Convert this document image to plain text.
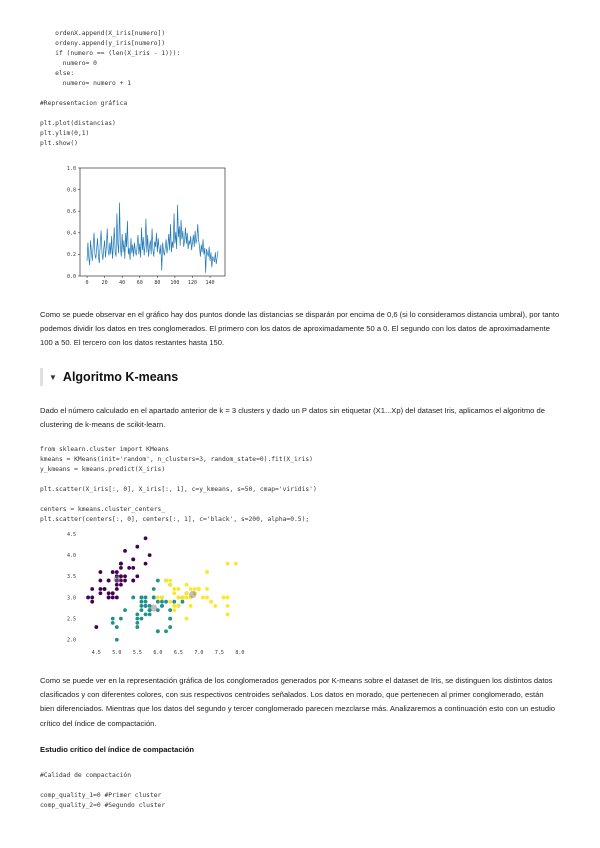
ordenX.append(X_iris[numero])
ordeny.append(y_iris[numero])
if (numero == (len(X_iris - 1))):
numero= 0
else:
numero= numero + 1

#Representacion gráfica

plt.plot(distancias)
plt.ylim(0,1)
plt.show()
0.0
0.2
0.4
0.6
0.8
1.0
0	20 40 60 80 100 120 140

Como se puede observar en el gráfico hay dos puntos donde las distancias se disparán por encima de 0,6 (si lo consideramos distancia umbral), por tanto podemos dividir los datos en tres conglomerados. El primero con los datos de aproximadamente 50 a 0. El segundo con los datos de aproximadamente 100 a 50. El tercero con los datos restantes hasta 150.

▼ Algoritmo K-means

Dado el número calculado en el apartado anterior de k = 3 clusters y dado un P datos sin etiquetar (X1...Xp) del dataset Iris, aplicamos el algoritmo de clustering de k-means de scikit-learn.

from sklearn.cluster import KMeans
kmeans = KMeans(init='random', n_clusters=3, random_state=0).fit(X_iris)
y_kmeans = kmeans.predict(X_iris)

plt.scatter(X_iris[:, 0], X_iris[:, 1], c=y_kmeans, s=50, cmap='viridis')

centers = kmeans.cluster_centers_
plt.scatter(centers[:, 0], centers[:, 1], c='black', s=200, alpha=0.5);
2.0
2.5
3.0
3.5
4.0
4.5
4.5 5.0 5.5 6.0 6.5 7.0 7.5 8.0

Como se puede ver en la representación gráfica de los conglomerados generados por K-means sobre el dataset de Iris, se distinguen los distintos datos clasificados y con diferentes colores, con sus respectivos centroides señalados. Los datos en morado, que pertenecen al primer conglomerado, están bien diferenciados. Mientras que los datos del segundo y tercer conglomerado parecen mezclarse más. Analizaremos a continuación esto con un estudio crítico del índice de compactación.

Estudio crítico del índice de compactación

#Calidad de compactación

comp_quality_1=0 #Primer cluster
comp_quality_2=0 #Segundo cluster
